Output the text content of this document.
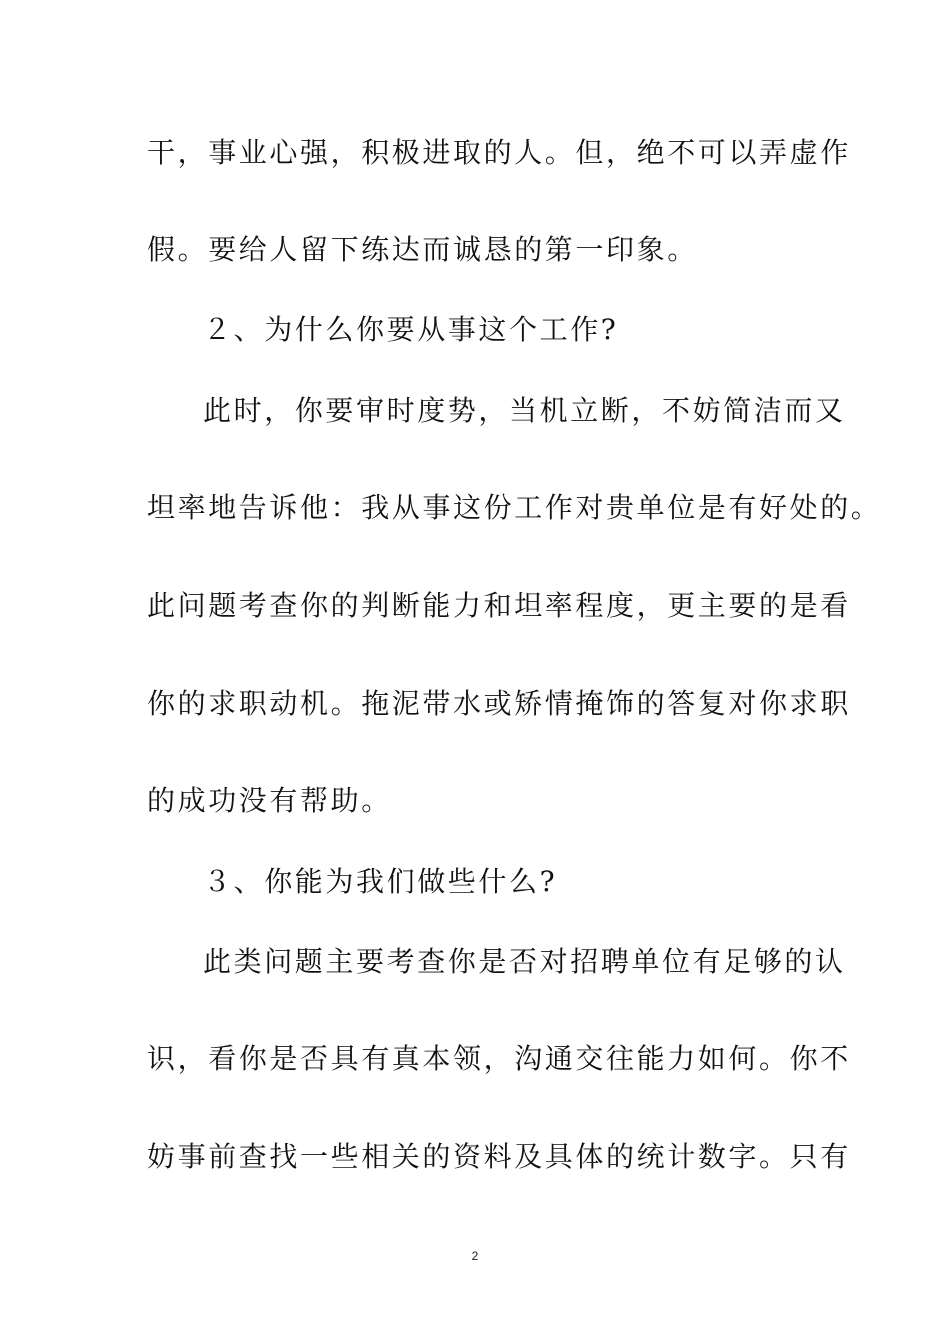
干，事业心强，积极进取的人。但，绝不可以弄虚作
假。要给人留下练达而诚恳的第一印象。
２、为什么你要从事这个工作?
此时，你要审时度势，当机立断，不妨简洁而又
坦率地告诉他：我从事这份工作对贵单位是有好处的。
此问题考查你的判断能力和坦率程度，更主要的是看
你的求职动机。拖泥带水或矫情掩饰的答复对你求职
的成功没有帮助。
３、你能为我们做些什么?
此类问题主要考查你是否对招聘单位有足够的认
识，看你是否具有真本领，沟通交往能力如何。你不
妨事前查找一些相关的资料及具体的统计数字。只有
2
